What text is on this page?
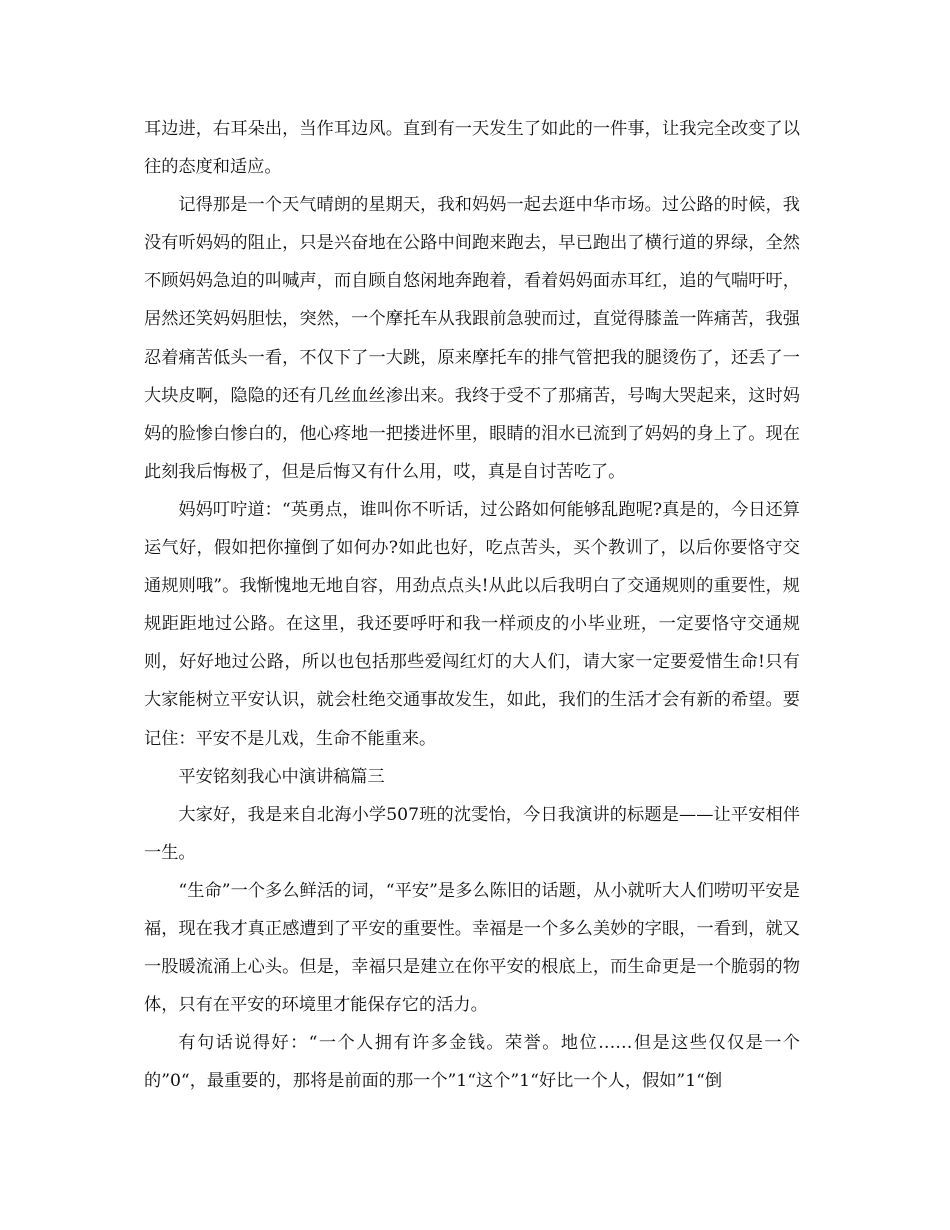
耳边进，右耳朵出，当作耳边风。直到有一天发生了如此的一件事，让我完全改变了以往的态度和适应。

记得那是一个天气晴朗的星期天，我和妈妈一起去逛中华市场。过公路的时候，我没有听妈妈的阻止，只是兴奋地在公路中间跑来跑去，早已跑出了横行道的界绿，全然不顾妈妈急迫的叫喊声，而自顾自悠闲地奔跑着，看着妈妈面赤耳红，追的气喘吁吁，居然还笑妈妈胆怯，突然，一个摩托车从我跟前急驶而过，直觉得膝盖一阵痛苦，我强忍着痛苦低头一看，不仅下了一大跳，原来摩托车的排气管把我的腿烫伤了，还丢了一大块皮啊，隐隐的还有几丝血丝渗出来。我终于受不了那痛苦，号啕大哭起来，这时妈妈的脸惨白惨白的，他心疼地一把搂进怀里，眼睛的泪水已流到了妈妈的身上了。现在此刻我后悔极了，但是后悔又有什么用，哎，真是自讨苦吃了。

妈妈叮咛道：“英勇点，谁叫你不听话，过公路如何能够乱跑呢?真是的，今日还算运气好，假如把你撞倒了如何办?如此也好，吃点苦头，买个教训了，以后你要恪守交通规则哦”。我惭愧地无地自容，用劲点点头!从此以后我明白了交通规则的重要性，规规距距地过公路。在这里，我还要呼吁和我一样顽皮的小毕业班，一定要恪守交通规则，好好地过公路，所以也包括那些爱闯红灯的大人们，请大家一定要爱惜生命!只有大家能树立平安认识，就会杜绝交通事故发生，如此，我们的生活才会有新的希望。要记住：平安不是儿戏，生命不能重来。

平安铭刻我心中演讲稿篇三

大家好，我是来自北海小学507班的沈雯怡，今日我演讲的标题是——让平安相伴一生。

“生命”一个多么鲜活的词，“平安”是多么陈旧的话题，从小就听大人们唠叨平安是福，现在我才真正感遭到了平安的重要性。幸福是一个多么美妙的字眼，一看到，就又一股暖流涌上心头。但是，幸福只是建立在你平安的根底上，而生命更是一个脆弱的物体，只有在平安的环境里才能保存它的活力。

有句话说得好：“一个人拥有许多金钱。荣誉。地位……但是这些仅仅是一个的”0“，最重要的，那将是前面的那一个”1“这个”1“好比一个人，假如”1“倒
